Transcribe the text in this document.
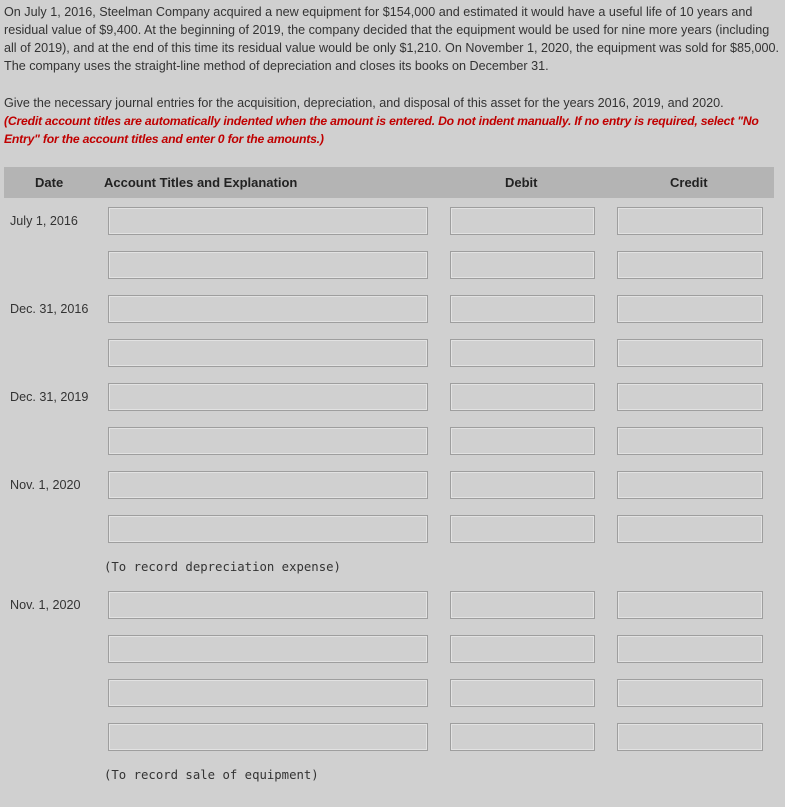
On July 1, 2016, Steelman Company acquired a new equipment for $154,000 and estimated it would have a useful life of 10 years and residual value of $9,400. At the beginning of 2019, the company decided that the equipment would be used for nine more years (including all of 2019), and at the end of this time its residual value would be only $1,210. On November 1, 2020, the equipment was sold for $85,000. The company uses the straight-line method of depreciation and closes its books on December 31.
Give the necessary journal entries for the acquisition, depreciation, and disposal of this asset for the years 2016, 2019, and 2020.
(Credit account titles are automatically indented when the amount is entered. Do not indent manually. If no entry is required, select "No Entry" for the account titles and enter 0 for the amounts.)
Date	Account Titles and Explanation	Debit	Credit
July 1, 2016
Dec. 31, 2016
Dec. 31, 2019
Nov. 1, 2020
(To record depreciation expense)
Nov. 1, 2020
(To record sale of equipment)
